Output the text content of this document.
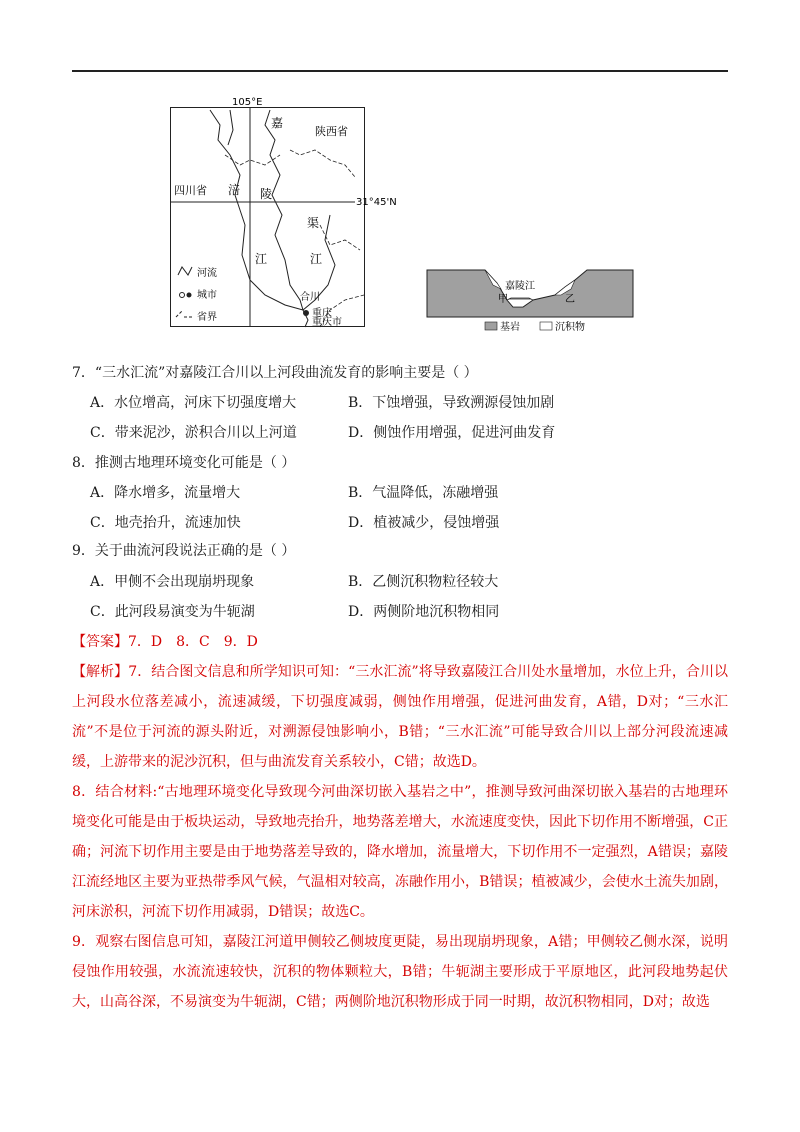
105°E
31°45'N
陕西省
四川省
嘉
涪 陵
渠
江
江
合川
重庆
重庆市
河流
城市
省界
嘉陵江
甲	乙
基岩	沉积物
7．“三水汇流”对嘉陵江合川以上河段曲流发育的影响主要是（ ）
A．水位增高，河床下切强度增大	B．下蚀增强，导致溯源侵蚀加剧
C．带来泥沙，淤积合川以上河道	D．侧蚀作用增强，促进河曲发育
8．推测古地理环境变化可能是（ ）
A．降水增多，流量增大	B．气温降低，冻融增强
C．地壳抬升，流速加快	D．植被减少，侵蚀增强
9．关于曲流河段说法正确的是（ ）
A．甲侧不会出现崩坍现象	B．乙侧沉积物粒径较大
C．此河段易演变为牛轭湖	D．两侧阶地沉积物相同
【答案】7．D　8．C　9．D

【解析】7．结合图文信息和所学知识可知：“三水汇流”将导致嘉陵江合川处水量增加，水位上升，合川以上河段水位落差减小，流速减缓，下切强度减弱，侧蚀作用增强，促进河曲发育，A错，D对；“三水汇流”不是位于河流的源头附近，对溯源侵蚀影响小，B错；“三水汇流”可能导致合川以上部分河段流速减缓，上游带来的泥沙沉积，但与曲流发育关系较小，C错；故选D。

8．结合材料:“古地理环境变化导致现今河曲深切嵌入基岩之中”，推测导致河曲深切嵌入基岩的古地理环境变化可能是由于板块运动，导致地壳抬升，地势落差增大，水流速度变快，因此下切作用不断增强，C正确；河流下切作用主要是由于地势落差导致的，降水增加，流量增大，下切作用不一定强烈，A错误；嘉陵江流经地区主要为亚热带季风气候，气温相对较高，冻融作用小，B错误；植被减少，会使水土流失加剧，河床淤积，河流下切作用减弱，D错误；故选C。

9．观察右图信息可知，嘉陵江河道甲侧较乙侧坡度更陡，易出现崩坍现象，A错；甲侧较乙侧水深，说明侵蚀作用较强，水流流速较快，沉积的物体颗粒大，B错；牛轭湖主要形成于平原地区，此河段地势起伏大，山高谷深，不易演变为牛轭湖，C错；两侧阶地沉积物形成于同一时期，故沉积物相同，D对；故选
